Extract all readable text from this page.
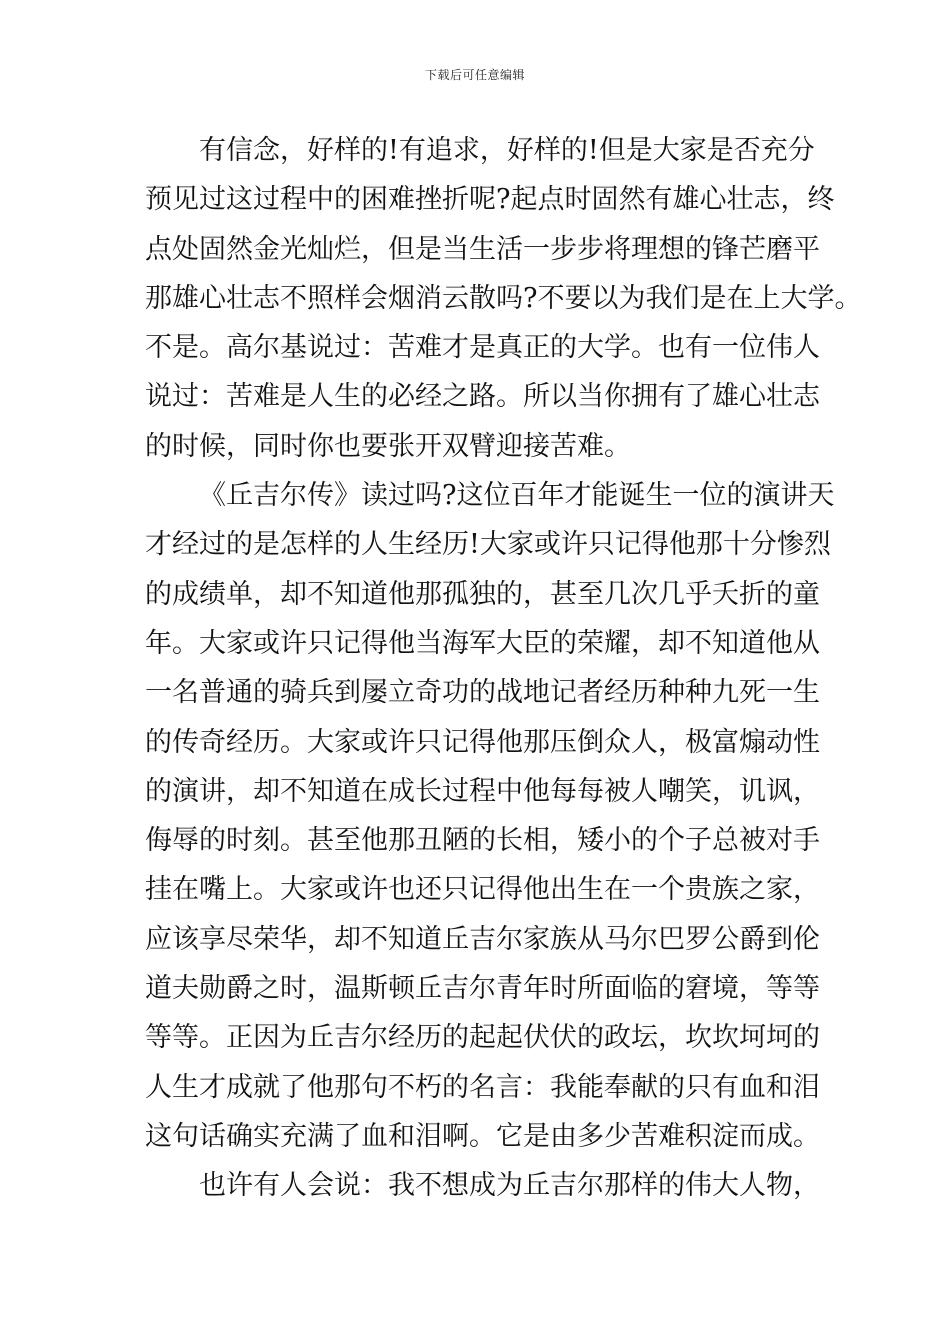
下载后可任意编辑
有信念，好样的!有追求，好样的!但是大家是否充分
预见过这过程中的困难挫折呢?起点时固然有雄心壮志，终
点处固然金光灿烂，但是当生活一步步将理想的锋芒磨平
那雄心壮志不照样会烟消云散吗?不要以为我们是在上大学。
不是。高尔基说过：苦难才是真正的大学。也有一位伟人
说过：苦难是人生的必经之路。所以当你拥有了雄心壮志
的时候，同时你也要张开双臂迎接苦难。
《丘吉尔传》读过吗?这位百年才能诞生一位的演讲天
才经过的是怎样的人生经历!大家或许只记得他那十分惨烈
的成绩单，却不知道他那孤独的，甚至几次几乎夭折的童
年。大家或许只记得他当海军大臣的荣耀，却不知道他从
一名普通的骑兵到屡立奇功的战地记者经历种种九死一生
的传奇经历。大家或许只记得他那压倒众人，极富煽动性
的演讲，却不知道在成长过程中他每每被人嘲笑，讥讽，
侮辱的时刻。甚至他那丑陋的长相，矮小的个子总被对手
挂在嘴上。大家或许也还只记得他出生在一个贵族之家，
应该享尽荣华，却不知道丘吉尔家族从马尔巴罗公爵到伦
道夫勋爵之时，温斯顿丘吉尔青年时所面临的窘境，等等
等等。正因为丘吉尔经历的起起伏伏的政坛，坎坎坷坷的
人生才成就了他那句不朽的名言：我能奉献的只有血和泪
这句话确实充满了血和泪啊。它是由多少苦难积淀而成。
也许有人会说：我不想成为丘吉尔那样的伟大人物，
